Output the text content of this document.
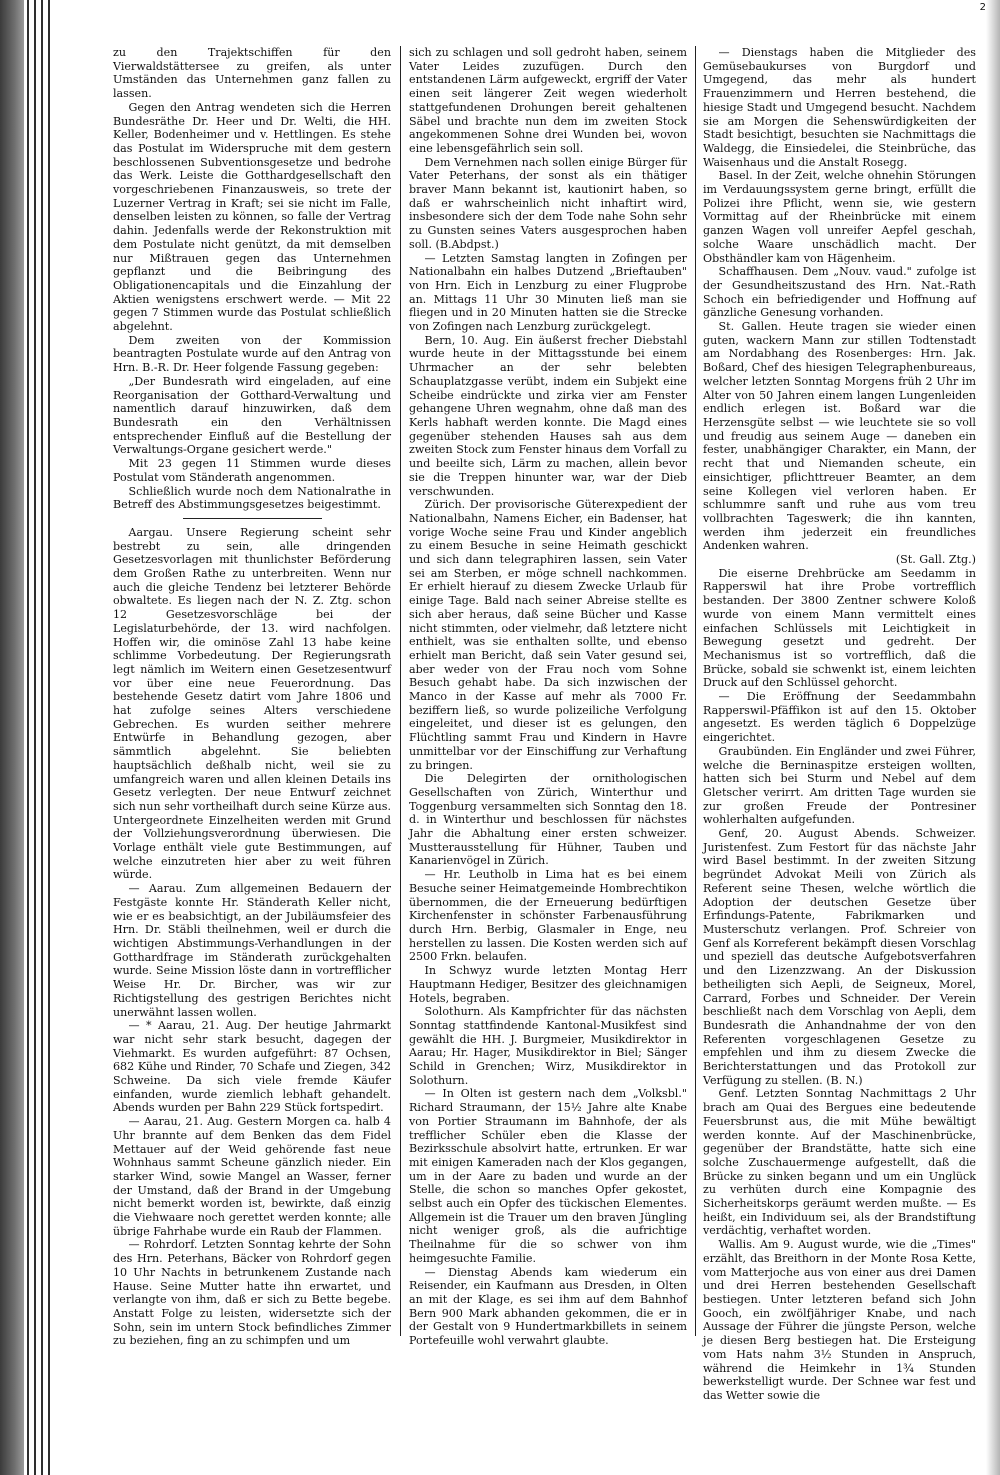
2

zu den Trajektschiffen für den Vierwaldstättersee zu greifen, als unter Umständen das Unternehmen ganz fallen zu lassen.

Gegen den Antrag wendeten sich die Herren Bundesräthe Dr. Heer und Dr. Welti, die HH. Keller, Bodenheimer und v. Hettlingen. Es stehe das Postulat im Widerspruche mit dem gestern beschlossenen Subventionsgesetze und bedrohe das Werk. Leiste die Gotthardgesellschaft den vorgeschriebenen Finanzausweis, so trete der Luzerner Vertrag in Kraft; sei sie nicht im Falle, denselben leisten zu können, so falle der Vertrag dahin. Jedenfalls werde der Rekonstruktion mit dem Postulate nicht genützt, da mit demselben nur Mißtrauen gegen das Unternehmen gepflanzt und die Beibringung des Obligationencapitals und die Einzahlung der Aktien wenigstens erschwert werde. — Mit 22 gegen 7 Stimmen wurde das Postulat schließlich abgelehnt.

Dem zweiten von der Kommission beantragten Postulate wurde auf den Antrag von Hrn. B.-R. Dr. Heer folgende Fassung gegeben:

„Der Bundesrath wird eingeladen, auf eine Reorganisation der Gotthard-Verwaltung und namentlich darauf hinzuwirken, daß dem Bundesrath ein den Verhältnissen entsprechender Einfluß auf die Bestellung der Verwaltungs-Organe gesichert werde."

Mit 23 gegen 11 Stimmen wurde dieses Postulat vom Ständerath angenommen.

Schließlich wurde noch dem Nationalrathe in Betreff des Abstimmungsgesetzes beigestimmt.

Aargau. Unsere Regierung scheint sehr bestrebt zu sein, alle dringenden Gesetzesvorlagen mit thunlichster Beförderung dem Großen Rathe zu unterbreiten. Wenn nur auch die gleiche Tendenz bei letzterer Behörde obwaltete. Es liegen nach der N. Z. Ztg. schon 12 Gesetzesvorschläge bei der Legislaturbehörde, der 13. wird nachfolgen. Hoffen wir, die ominöse Zahl 13 habe keine schlimme Vorbedeutung. Der Regierungsrath legt nämlich im Weitern einen Gesetzesentwurf vor über eine neue Feuerordnung. Das bestehende Gesetz datirt vom Jahre 1806 und hat zufolge seines Alters verschiedene Gebrechen. Es wurden seither mehrere Entwürfe in Behandlung gezogen, aber sämmtlich abgelehnt. Sie beliebten hauptsächlich deßhalb nicht, weil sie zu umfangreich waren und allen kleinen Details ins Gesetz verlegten. Der neue Entwurf zeichnet sich nun sehr vortheilhaft durch seine Kürze aus. Untergeordnete Einzelheiten werden mit Grund der Vollziehungsverordnung überwiesen. Die Vorlage enthält viele gute Bestimmungen, auf welche einzutreten hier aber zu weit führen würde.

— Aarau. Zum allgemeinen Bedauern der Festgäste konnte Hr. Ständerath Keller nicht, wie er es beabsichtigt, an der Jubiläumsfeier des Hrn. Dr. Stäbli theilnehmen, weil er durch die wichtigen Abstimmungs-Verhandlungen in der Gotthardfrage im Ständerath zurückgehalten wurde. Seine Mission löste dann in vortrefflicher Weise Hr. Dr. Bircher, was wir zur Richtigstellung des gestrigen Berichtes nicht unerwähnt lassen wollen.

— * Aarau, 21. Aug. Der heutige Jahrmarkt war nicht sehr stark besucht, dagegen der Viehmarkt. Es wurden aufgeführt: 87 Ochsen, 682 Kühe und Rinder, 70 Schafe und Ziegen, 342 Schweine. Da sich viele fremde Käufer einfanden, wurde ziemlich lebhaft gehandelt. Abends wurden per Bahn 229 Stück fortspedirt.

— Aarau, 21. Aug. Gestern Morgen ca. halb 4 Uhr brannte auf dem Benken das dem Fidel Mettauer auf der Weid gehörende fast neue Wohnhaus sammt Scheune gänzlich nieder. Ein starker Wind, sowie Mangel an Wasser, ferner der Umstand, daß der Brand in der Umgebung nicht bemerkt worden ist, bewirkte, daß einzig die Viehwaare noch gerettet werden konnte; alle übrige Fahrhabe wurde ein Raub der Flammen.

— Rohrdorf. Letzten Sonntag kehrte der Sohn des Hrn. Peterhans, Bäcker von Rohrdorf gegen 10 Uhr Nachts in betrunkenem Zustande nach Hause. Seine Mutter hatte ihn erwartet, und verlangte von ihm, daß er sich zu Bette begebe. Anstatt Folge zu leisten, widersetzte sich der Sohn, sein im untern Stock befindliches Zimmer zu beziehen, fing an zu schimpfen und um

sich zu schlagen und soll gedroht haben, seinem Vater Leides zuzufügen. Durch den entstandenen Lärm aufgeweckt, ergriff der Vater einen seit längerer Zeit wegen wiederholt stattgefundenen Drohungen bereit gehaltenen Säbel und brachte nun dem im zweiten Stock angekommenen Sohne drei Wunden bei, wovon eine lebensgefährlich sein soll.

Dem Vernehmen nach sollen einige Bürger für Vater Peterhans, der sonst als ein thätiger braver Mann bekannt ist, kautionirt haben, so daß er wahrscheinlich nicht inhaftirt wird, insbesondere sich der dem Tode nahe Sohn sehr zu Gunsten seines Vaters ausgesprochen haben soll. (B.Abdpst.)

— Letzten Samstag langten in Zofingen per Nationalbahn ein halbes Dutzend „Brieftauben" von Hrn. Eich in Lenzburg zu einer Flugprobe an. Mittags 11 Uhr 30 Minuten ließ man sie fliegen und in 20 Minuten hatten sie die Strecke von Zofingen nach Lenzburg zurückgelegt.

Bern, 10. Aug. Ein äußerst frecher Diebstahl wurde heute in der Mittagsstunde bei einem Uhrmacher an der sehr belebten Schauplatzgasse verübt, indem ein Subjekt eine Scheibe eindrückte und zirka vier am Fenster gehangene Uhren wegnahm, ohne daß man des Kerls habhaft werden konnte. Die Magd eines gegenüber stehenden Hauses sah aus dem zweiten Stock zum Fenster hinaus dem Vorfall zu und beeilte sich, Lärm zu machen, allein bevor sie die Treppen hinunter war, war der Dieb verschwunden.

Zürich. Der provisorische Güterexpedient der Nationalbahn, Namens Eicher, ein Badenser, hat vorige Woche seine Frau und Kinder angeblich zu einem Besuche in seine Heimath geschickt und sich dann telegraphiren lassen, sein Vater sei am Sterben, er möge schnell nachkommen. Er erhielt hierauf zu diesem Zwecke Urlaub für einige Tage. Bald nach seiner Abreise stellte es sich aber heraus, daß seine Bücher und Kasse nicht stimmten, oder vielmehr, daß letztere nicht enthielt, was sie enthalten sollte, und ebenso erhielt man Bericht, daß sein Vater gesund sei, aber weder von der Frau noch vom Sohne Besuch gehabt habe. Da sich inzwischen der Manco in der Kasse auf mehr als 7000 Fr. beziffern ließ, so wurde polizeiliche Verfolgung eingeleitet, und dieser ist es gelungen, den Flüchtling sammt Frau und Kindern in Havre unmittelbar vor der Einschiffung zur Verhaftung zu bringen.

Die Delegirten der ornithologischen Gesellschaften von Zürich, Winterthur und Toggenburg versammelten sich Sonntag den 18. d. in Winterthur und beschlossen für nächstes Jahr die Abhaltung einer ersten schweizer. Mustterausstellung für Hühner, Tauben und Kanarienvögel in Zürich.

— Hr. Leutholb in Lima hat es bei einem Besuche seiner Heimatgemeinde Hombrechtikon übernommen, die der Erneuerung bedürftigen Kirchenfenster in schönster Farbenausführung durch Hrn. Berbig, Glasmaler in Enge, neu herstellen zu lassen. Die Kosten werden sich auf 2500 Frkn. belaufen.

In Schwyz wurde letzten Montag Herr Hauptmann Hediger, Besitzer des gleichnamigen Hotels, begraben.

Solothurn. Als Kampfrichter für das nächsten Sonntag stattfindende Kantonal-Musikfest sind gewählt die HH. J. Burgmeier, Musikdirektor in Aarau; Hr. Hager, Musikdirektor in Biel; Sänger Schild in Grenchen; Wirz, Musikdirektor in Solothurn.

— In Olten ist gestern nach dem „Volksbl." Richard Straumann, der 15½ Jahre alte Knabe von Portier Straumann im Bahnhofe, der als trefflicher Schüler eben die Klasse der Bezirksschule absolvirt hatte, ertrunken. Er war mit einigen Kameraden nach der Klos gegangen, um in der Aare zu baden und wurde an der Stelle, die schon so manches Opfer gekostet, selbst auch ein Opfer des tückischen Elementes. Allgemein ist die Trauer um den braven Jüngling nicht weniger groß, als die aufrichtige Theilnahme für die so schwer von ihm heimgesuchte Familie.

— Dienstag Abends kam wiederum ein Reisender, ein Kaufmann aus Dresden, in Olten an mit der Klage, es sei ihm auf dem Bahnhof Bern 900 Mark abhanden gekommen, die er in der Gestalt von 9 Hundertmarkbillets in seinem Portefeuille wohl verwahrt glaubte.

— Dienstags haben die Mitglieder des Gemüsebaukurses von Burgdorf und Umgegend, das mehr als hundert Frauenzimmern und Herren bestehend, die hiesige Stadt und Umgegend besucht. Nachdem sie am Morgen die Sehenswürdigkeiten der Stadt besichtigt, besuchten sie Nachmittags die Waldegg, die Einsiedelei, die Steinbrüche, das Waisenhaus und die Anstalt Rosegg.

Basel. In der Zeit, welche ohnehin Störungen im Verdauungssystem gerne bringt, erfüllt die Polizei ihre Pflicht, wenn sie, wie gestern Vormittag auf der Rheinbrücke mit einem ganzen Wagen voll unreifer Aepfel geschah, solche Waare unschädlich macht. Der Obsthändler kam von Hägenheim.

Schaffhausen. Dem „Nouv. vaud." zufolge ist der Gesundheitszustand des Hrn. Nat.-Rath Schoch ein befriedigender und Hoffnung auf gänzliche Genesung vorhanden.

St. Gallen. Heute tragen sie wieder einen guten, wackern Mann zur stillen Todtenstadt am Nordabhang des Rosenberges: Hrn. Jak. Boßard, Chef des hiesigen Telegraphenbureaus, welcher letzten Sonntag Morgens früh 2 Uhr im Alter von 50 Jahren einem langen Lungenleiden endlich erlegen ist. Boßard war die Herzensgüte selbst — wie leuchtete sie so voll und freudig aus seinem Auge — daneben ein fester, unabhängiger Charakter, ein Mann, der recht that und Niemanden scheute, ein einsichtiger, pflichttreuer Beamter, an dem seine Kollegen viel verloren haben. Er schlummre sanft und ruhe aus vom treu vollbrachten Tageswerk; die ihn kannten, werden ihm jederzeit ein freundliches Andenken wahren.

(St. Gall. Ztg.)

Die eiserne Drehbrücke am Seedamm in Rapperswil hat ihre Probe vortrefflich bestanden. Der 3800 Zentner schwere Koloß wurde von einem Mann vermittelt eines einfachen Schlüssels mit Leichtigkeit in Bewegung gesetzt und gedreht. Der Mechanismus ist so vortrefflich, daß die Brücke, sobald sie schwenkt ist, einem leichten Druck auf den Schlüssel gehorcht.

— Die Eröffnung der Seedammbahn Rapperswil-Pfäffikon ist auf den 15. Oktober angesetzt. Es werden täglich 6 Doppelzüge eingerichtet.

Graubünden. Ein Engländer und zwei Führer, welche die Berninaspitze ersteigen wollten, hatten sich bei Sturm und Nebel auf dem Gletscher verirrt. Am dritten Tage wurden sie zur großen Freude der Pontresiner wohlerhalten aufgefunden.

Genf, 20. August Abends. Schweizer. Juristenfest. Zum Festort für das nächste Jahr wird Basel bestimmt. In der zweiten Sitzung begründet Advokat Meili von Zürich als Referent seine Thesen, welche wörtlich die Adoption der deutschen Gesetze über Erfindungs-Patente, Fabrikmarken und Musterschutz verlangen. Prof. Schreier von Genf als Korreferent bekämpft diesen Vorschlag und speziell das deutsche Aufgebotsverfahren und den Lizenzzwang. An der Diskussion betheiligten sich Aepli, de Seigneux, Morel, Carrard, Forbes und Schneider. Der Verein beschließt nach dem Vorschlag von Aepli, dem Bundesrath die Anhandnahme der von den Referenten vorgeschlagenen Gesetze zu empfehlen und ihm zu diesem Zwecke die Berichterstattungen und das Protokoll zur Verfügung zu stellen. (B. N.)

Genf. Letzten Sonntag Nachmittags 2 Uhr brach am Quai des Bergues eine bedeutende Feuersbrunst aus, die mit Mühe bewältigt werden konnte. Auf der Maschinenbrücke, gegenüber der Brandstätte, hatte sich eine solche Zuschauermenge aufgestellt, daß die Brücke zu sinken begann und um ein Unglück zu verhüten durch eine Kompagnie des Sicherheitskorps geräumt werden mußte. — Es heißt, ein Individuum sei, als der Brandstiftung verdächtig, verhaftet worden.

Wallis. Am 9. August wurde, wie die „Times" erzählt, das Breithorn in der Monte Rosa Kette, vom Matterjoche aus von einer aus drei Damen und drei Herren bestehenden Gesellschaft bestiegen. Unter letzteren befand sich John Gooch, ein zwölfjähriger Knabe, und nach Aussage der Führer die jüngste Person, welche je diesen Berg bestiegen hat. Die Ersteigung vom Hats nahm 3½ Stunden in Anspruch, während die Heimkehr in 1¾ Stunden bewerkstelligt wurde. Der Schnee war fest und das Wetter sowie die
